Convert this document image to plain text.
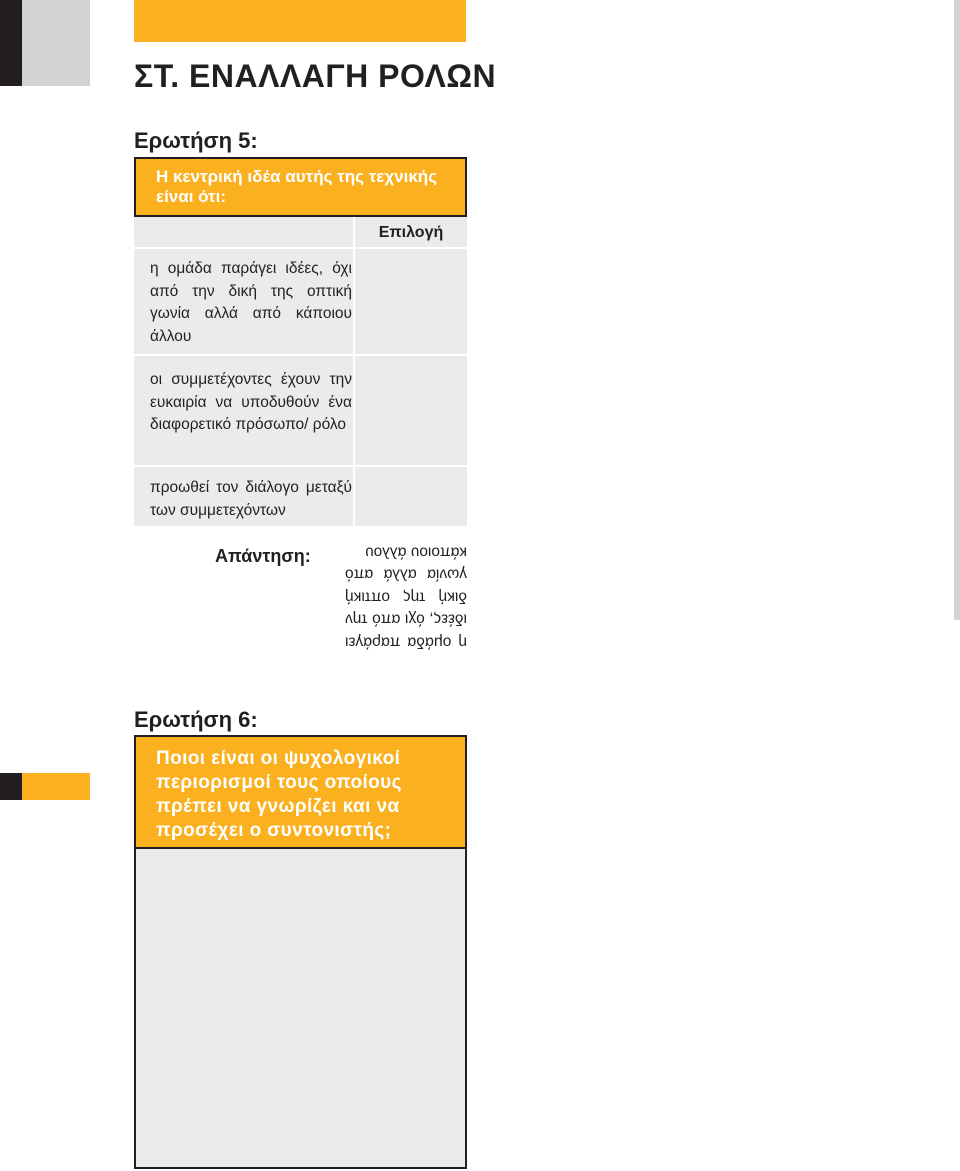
ΣΤ. ΕΝΑΛΛΑΓΗ ΡΟΛΩΝ
Ερωτήση 5:
Η κεντρική ιδέα αυτής της τεχνικής είναι ότι:
Επιλογή
η ομάδα παράγει ιδέες, όχι από την δική της οπτική γωνία αλλά από κάποιου άλλου
οι συμμετέχοντες έχουν την ευκαιρία να υποδυθούν ένα διαφορετικό πρόσωπο/ ρόλο
προωθεί τον διάλογο μεταξύ των συμμετεχόντων
Απάντηση:
η ομάδα παράγει ιδέες, όχι από την δική της οπτική γωνία αλλά από κάποιου άλλου
Ερωτήση 6:
Ποιοι είναι οι ψυχολογικοί περιορισμοί τους οποίους πρέπει να γνωρίζει και να προσέχει ο συντονιστής;
